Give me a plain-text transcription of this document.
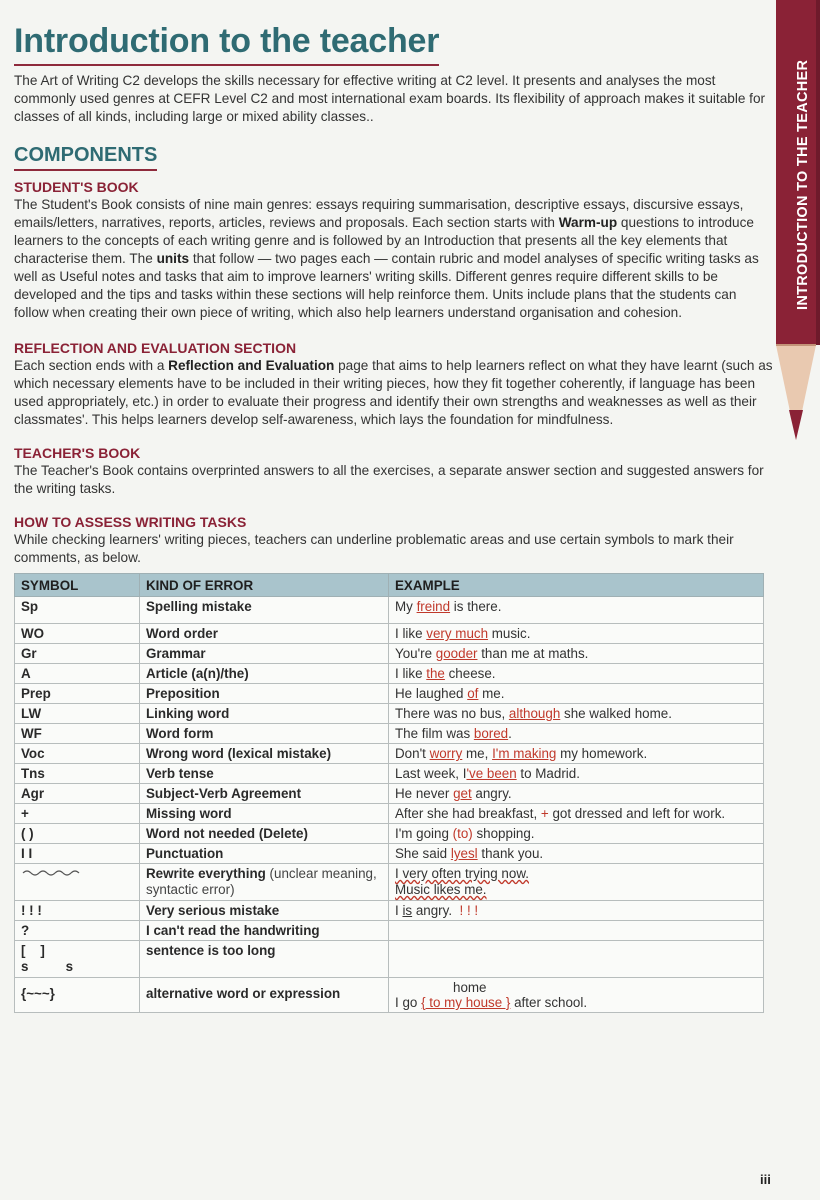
INTRODUCTION TO THE TEACHER
Introduction to the teacher

The Art of Writing C2 develops the skills necessary for effective writing at C2 level. It presents and analyses the most commonly used genres at CEFR Level C2 and most international exam boards. Its flexibility of approach makes it suitable for classes of all kinds, including large or mixed ability classes..

COMPONENTS
STUDENT'S BOOK

The Student's Book consists of nine main genres: essays requiring summarisation, descriptive essays, discursive essays, emails/letters, narratives, reports, articles, reviews and proposals. Each section starts with Warm-up questions to introduce learners to the concepts of each writing genre and is followed by an Introduction that presents all the key elements that characterise them. The units that follow — two pages each — contain rubric and model analyses of specific writing tasks as well as Useful notes and tasks that aim to improve learners' writing skills. Different genres require different skills to be developed and the tips and tasks within these sections will help reinforce them. Units include plans that the students can follow when creating their own piece of writing, which also help learners understand organisation and cohesion.

REFLECTION AND EVALUATION SECTION

Each section ends with a Reflection and Evaluation page that aims to help learners reflect on what they have learnt (such as which necessary elements have to be included in their writing pieces, how they fit together coherently, if language has been used appropriately, etc.) in order to evaluate their progress and identify their own strengths and weaknesses as well as their classmates'. This helps learners develop self-awareness, which lays the foundation for mindfulness.

TEACHER'S BOOK

The Teacher's Book contains overprinted answers to all the exercises, a separate answer section and suggested answers for the writing tasks.

HOW TO ASSESS WRITING TASKS

While checking learners' writing pieces, teachers can underline problematic areas and use certain symbols to mark their comments, as below.

SYMBOL	KIND OF ERROR	EXAMPLE
Sp	Spelling mistake	My freind is there.
WO	Word order	I like very much music.
Gr	Grammar	You're gooder than me at maths.
A	Article (a(n)/the)	I like the cheese.
Prep	Preposition	He laughed of me.
LW	Linking word	There was no bus, although she walked home.
WF	Word form	The film was bored.
Voc	Wrong word (lexical mistake)	Don't worry me, I'm making my homework.
Tns	Verb tense	Last week, I've been to Madrid.
Agr	Subject-Verb Agreement	He never get angry.
+	Missing word	After she had breakfast, + got dressed and left for work.
( )	Word not needed (Delete)	I'm going (to) shopping.
I I	Punctuation	She said lyesl thank you.
	Rewrite everything (unclear meaning, syntactic error)	I very often trying now.
Music likes me.

! ! !	Very serious mistake	I is angry.  ! ! !
?	I can't read the handwriting	
[    ]
s          s	sentence is too long	
{~~~}	alternative word or expression	home
I go { to my house } after school.
iii
